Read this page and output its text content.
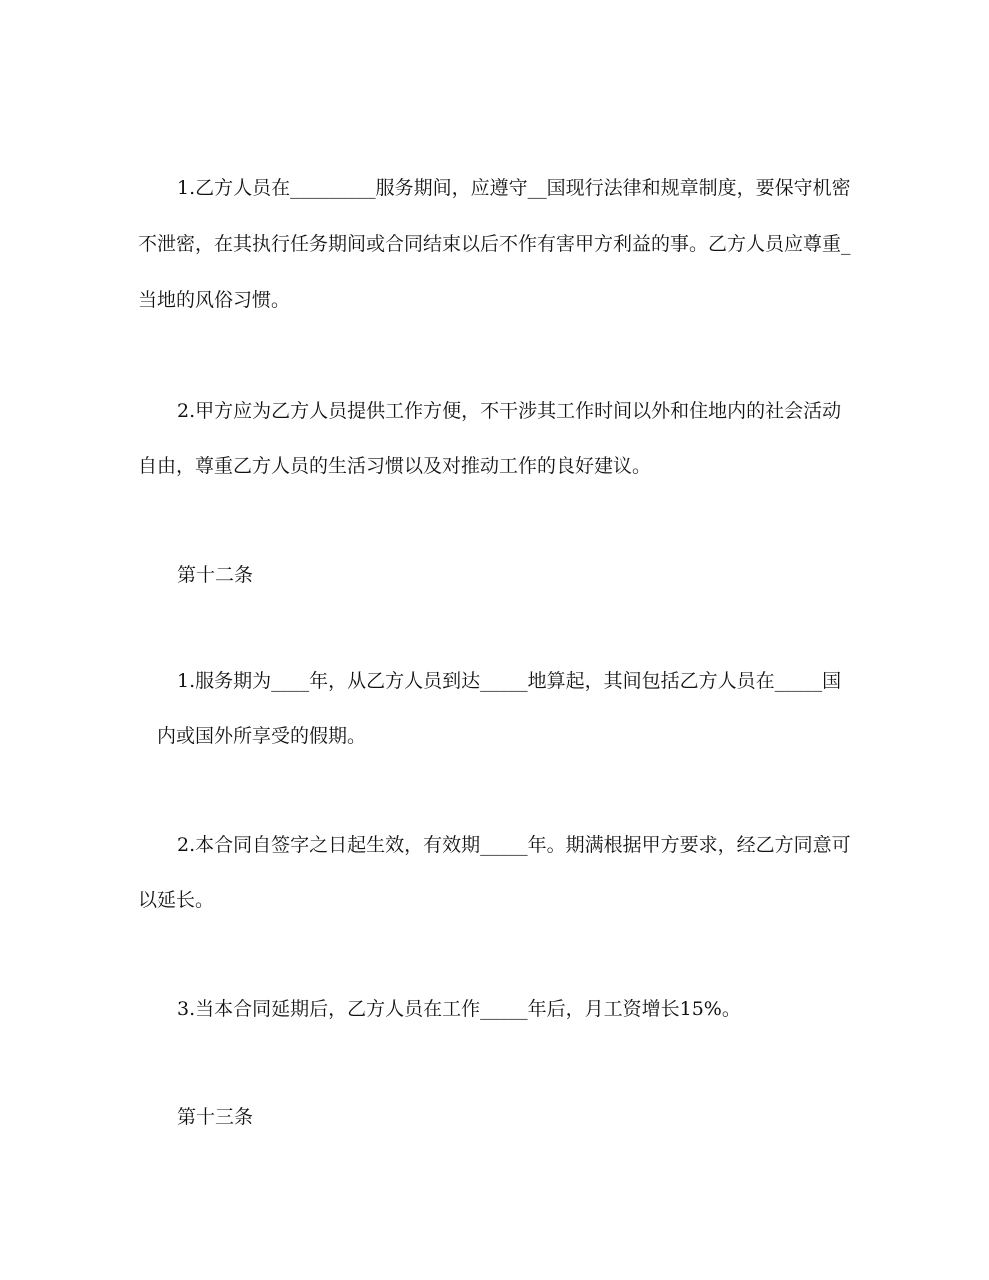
1.乙方人员在_________服务期间，应遵守__国现行法律和规章制度，要保守机密

不泄密，在其执行任务期间或合同结束以后不作有害甲方利益的事。乙方人员应尊重_

当地的风俗习惯。

2.甲方应为乙方人员提供工作方便，不干涉其工作时间以外和住地内的社会活动

自由，尊重乙方人员的生活习惯以及对推动工作的良好建议。

第十二条

1.服务期为____年，从乙方人员到达_____地算起，其间包括乙方人员在_____国

内或国外所享受的假期。

2.本合同自签字之日起生效，有效期_____年。期满根据甲方要求，经乙方同意可

以延长。

3.当本合同延期后，乙方人员在工作_____年后，月工资增长15%。

第十三条
